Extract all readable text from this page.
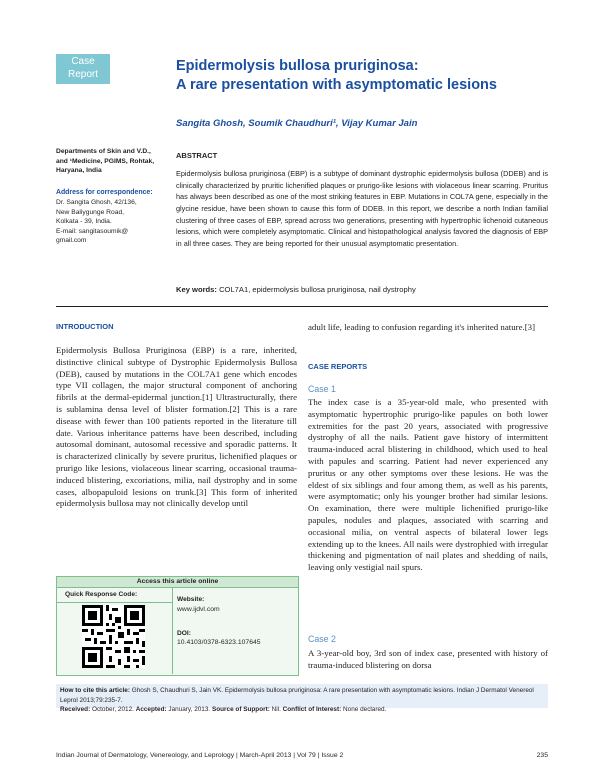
Case
Report
Epidermolysis bullosa pruriginosa:
A rare presentation with asymptomatic lesions
Sangita Ghosh, Soumik Chaudhuri¹, Vijay Kumar Jain
Departments of Skin and V.D.,
and ¹Medicine, PGIMS, Rohtak,
Haryana, India
Address for correspondence:
Dr. Sangita Ghosh, 42/136,
New Baliygunge Road,
Kolkata - 39, India.
E-mail: sangitasoumik@
gmail.com
ABSTRACT
Epidermolysis bullosa pruriginosa (EBP) is a subtype of dominant dystrophic epidermolysis bullosa (DDEB) and is clinically characterized by pruritic lichenified plaques or prurigo-like lesions with violaceous linear scarring. Pruritus has always been described as one of the most striking features in EBP. Mutations in COL7A gene, especially in the glycine residue, have been shown to cause this form of DDEB. In this report, we describe a north Indian familial clustering of three cases of EBP, spread across two generations, presenting with hypertrophic lichenoid cutaneous lesions, which were completely asymptomatic. Clinical and histopathological analysis favored the diagnosis of EBP in all three cases. They are being reported for their unusual asymptomatic presentation.
Key words: COL7A1, epidermolysis bullosa pruriginosa, nail dystrophy
INTRODUCTION
Epidermolysis Bullosa Pruriginosa (EBP) is a rare, inherited, distinctive clinical subtype of Dystrophic Epidermolysis Bullosa (DEB), caused by mutations in the COL7A1 gene which encodes type VII collagen, the major structural component of anchoring fibrils at the dermal-epidermal junction.[1] Ultrastructurally, there is sublamina densa level of blister formation.[2] This is a rare disease with fewer than 100 patients reported in the literature till date. Various inheritance patterns have been described, including autosomal dominant, autosomal recessive and sporadic patterns. It is characterized clinically by severe pruritus, lichenified plaques or prurigo like lesions, violaceous linear scarring, occasional trauma-induced blistering, excoriations, milia, nail dystrophy and in some cases, albopapuloid lesions on trunk.[3] This form of inherited epidermolysis bullosa may not clinically develop until
Access this article online
Quick Response Code:
Website:
www.ijdvl.com
DOI:
10.4103/0378-6323.107645
adult life, leading to confusion regarding it's inherited nature.[3]
CASE REPORTS
Case 1
The index case is a 35-year-old male, who presented with asymptomatic hypertrophic prurigo-like papules on both lower extremities for the past 20 years, associated with progressive dystrophy of all the nails. Patient gave history of intermittent trauma-induced acral blistering in childhood, which used to heal with papules and scarring. Patient had never experienced any pruritus or any other symptoms over these lesions. He was the eldest of six siblings and four among them, as well as his parents, were asymptomatic; only his younger brother had similar lesions. On examination, there were multiple lichenified prurigo-like papules, nodules and plaques, associated with scarring and occasional milia, on ventral aspects of bilateral lower legs extending up to the knees. All nails were dystrophied with irregular thickening and pigmentation of nail plates and shedding of nails, leaving only vestigial nail spurs.
Case 2
A 3-year-old boy, 3rd son of index case, presented with history of trauma-induced blistering on dorsa
How to cite this article: Ghosh S, Chaudhuri S, Jain VK. Epidermolysis bullosa pruriginosa: A rare presentation with asymptomatic lesions. Indian J Dermatol Venereol Leprol 2013;79:235-7.
Received: October, 2012. Accepted: January, 2013. Source of Support: Nil. Conflict of Interest: None declared.
Indian Journal of Dermatology, Venereology, and Leprology | March-April 2013 | Vol 79 | Issue 2	235
